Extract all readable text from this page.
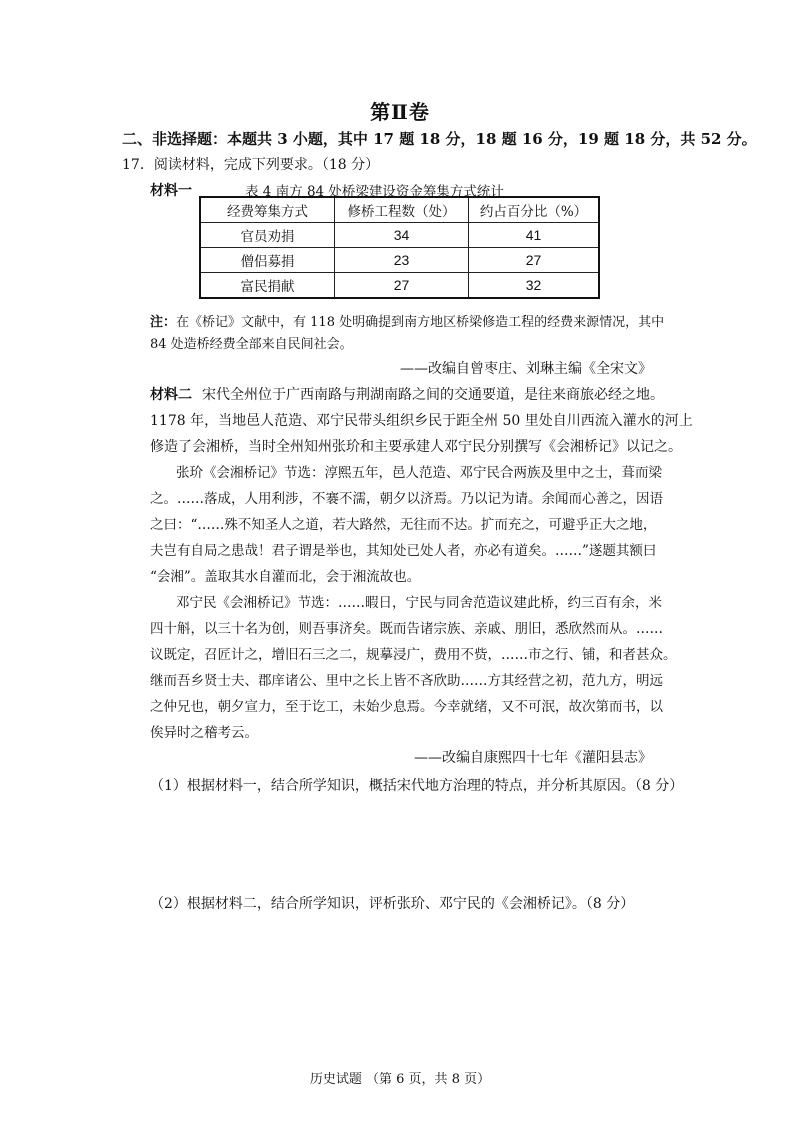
第Ⅱ卷
二、非选择题：本题共 3 小题，其中 17 题 18 分，18 题 16 分，19 题 18 分，共 52 分。
17．阅读材料，完成下列要求。（18 分）
材料一	表 4 南方 84 处桥梁建设资金筹集方式统计
经费筹集方式	修桥工程数（处）	约占百分比（%）
官员劝捐	34	41
僧侣募捐	23	27
富民捐献	27	32
注：在《桥记》文献中，有 118 处明确提到南方地区桥梁修造工程的经费来源情况，其中
84 处造桥经费全部来自民间社会。
——改编自曾枣庄、刘琳主编《全宋文》
材料二 宋代全州位于广西南路与荆湖南路之间的交通要道，是往来商旅必经之地。
1178 年，当地邑人范造、邓宁民带头组织乡民于距全州 50 里处自川西流入灌水的河上
修造了会湘桥，当时全州知州张玠和主要承建人邓宁民分别撰写《会湘桥记》以记之。
张玠《会湘桥记》节选：淳熙五年，邑人范造、邓宁民合两族及里中之士，葺而梁
之。……落成，人用利涉，不褰不濡，朝夕以济焉。乃以记为请。余闻而心善之，因语
之曰：“……殊不知圣人之道，若大路然，无往而不达。扩而充之，可避乎正大之地，
夫岂有自局之患哉！君子谓是举也，其知处已处人者，亦必有道矣。……”遂题其额曰
“会湘”。盖取其水自灌而北，会于湘流故也。
邓宁民《会湘桥记》节选：……暇日，宁民与同舍范造议建此桥，约三百有余，米
四十斛，以三十名为创，则吾事济矣。既而告诸宗族、亲戚、朋旧，悉欣然而从。……
议既定，召匠计之，增旧石三之二，规摹浸广，费用不赀，……市之行、铺，和者甚众。
继而吾乡贤士夫、郡庠诸公、里中之长上皆不吝欣助……方其经营之初，范九方，明远
之仲兄也，朝夕宣力，至于讫工，未始少息焉。今幸就绪，又不可泯，故次第而书，以
俟异时之稽考云。
——改编自康熙四十七年《灌阳县志》
（1）根据材料一，结合所学知识，概括宋代地方治理的特点，并分析其原因。（8 分）
（2）根据材料二，结合所学知识，评析张玠、邓宁民的《会湘桥记》。（8 分）
历史试题 （第 6 页，共 8 页）
